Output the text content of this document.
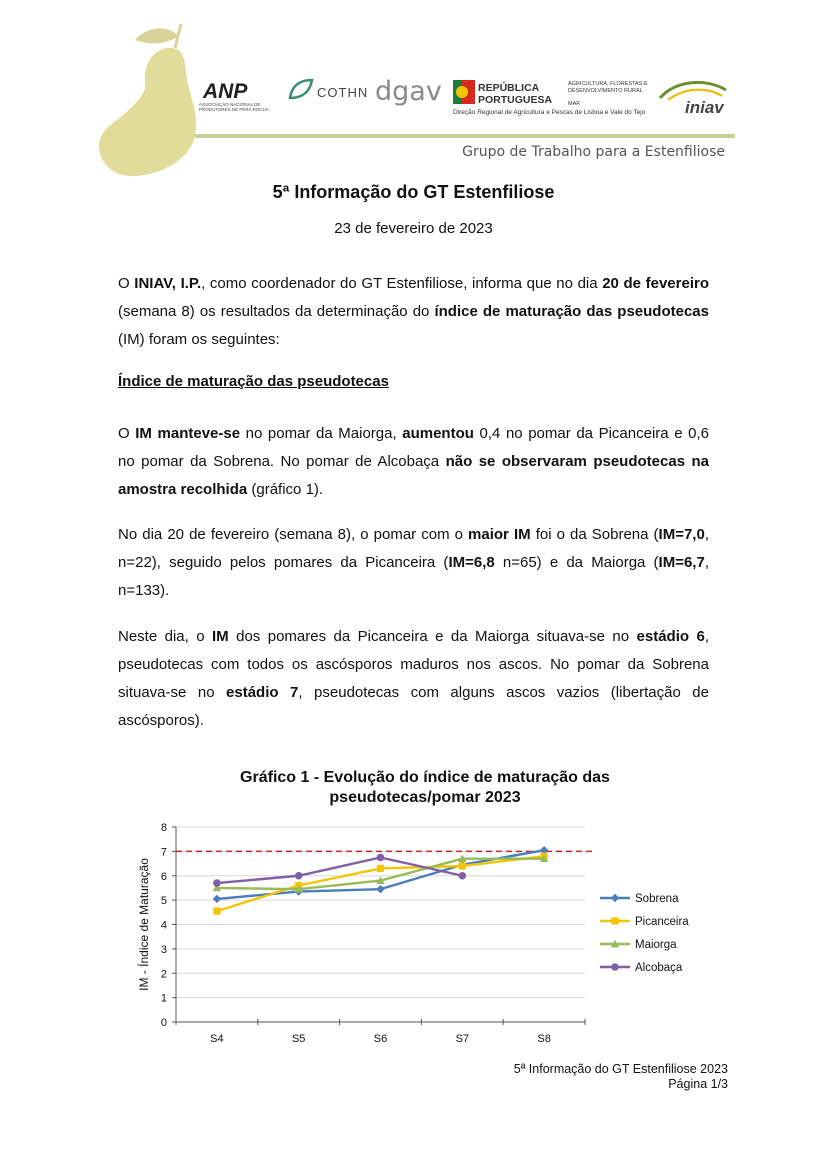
ANP
ASSOCIAÇÃO NACIONAL DE PRODUTORES DE PERA ROCHA
COTHN dgav	REPÚBLICA PORTUGUESA
Direção Regional de Agricultura e Pescas de Lisboa e Vale do Tejo
AGRICULTURA, FLORESTAS E DESENVOLVIMENTO RURAL
MAR	iniav
Grupo de Trabalho para a Estenfiliose
5ª Informação do GT Estenfiliose
23 de fevereiro de 2023
O INIAV, I.P., como coordenador do GT Estenfiliose, informa que no dia 20 de fevereiro (semana 8) os resultados da determinação do índice de maturação das pseudotecas (IM) foram os seguintes:
Índice de maturação das pseudotecas
O IM manteve-se no pomar da Maiorga, aumentou 0,4 no pomar da Picanceira e 0,6 no pomar da Sobrena. No pomar de Alcobaça não se observaram pseudotecas na amostra recolhida (gráfico 1).
No dia 20 de fevereiro (semana 8), o pomar com o maior IM foi o da Sobrena (IM=7,0, n=22), seguido pelos pomares da Picanceira (IM=6,8 n=65) e da Maiorga (IM=6,7, n=133).
Neste dia, o IM dos pomares da Picanceira e da Maiorga situava-se no estádio 6, pseudotecas com todos os ascósporos maduros nos ascos. No pomar da Sobrena situava-se no estádio 7, pseudotecas com alguns ascos vazios (libertação de ascósporos).
Gráfico 1 - Evolução do índice de maturação das pseudotecas/pomar 2023
0
1
2
3
4
5
6
7
8
S4	S5	S6	S7	S8
IM - Índice de Maturação	Sobrena
Picanceira
Maiorga
Alcobaça
5ª Informação do GT Estenfiliose 2023
Página 1/3
